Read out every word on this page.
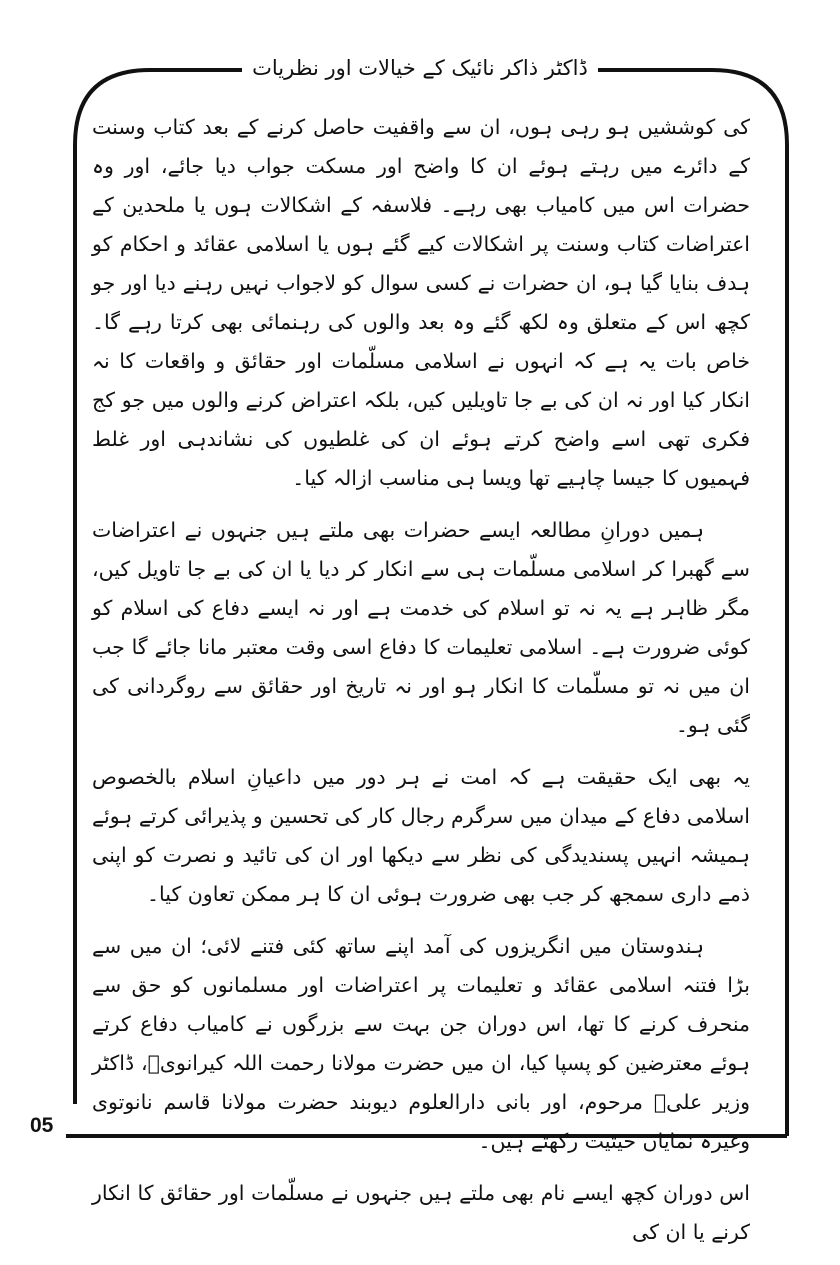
ڈاکٹر ذاکر نائیک کے خیالات اور نظریات

کی کوششیں ہو رہی ہوں، ان سے واقفیت حاصل کرنے کے بعد کتاب وسنت کے دائرے میں رہتے ہوئے ان کا واضح اور مسکت جواب دیا جائے، اور وہ حضرات اس میں کامیاب بھی رہے۔ فلاسفہ کے اشکالات ہوں یا ملحدین کے اعتراضات کتاب وسنت پر اشکالات کیے گئے ہوں یا اسلامی عقائد و احکام کو ہدف بنایا گیا ہو، ان حضرات نے کسی سوال کو لاجواب نہیں رہنے دیا اور جو کچھ اس کے متعلق وہ لکھ گئے وہ بعد والوں کی رہنمائی بھی کرتا رہے گا۔ خاص بات یہ ہے کہ انہوں نے اسلامی مسلّمات اور حقائق و واقعات کا نہ انکار کیا اور نہ ان کی بے جا تاویلیں کیں، بلکہ اعتراض کرنے والوں میں جو کج فکری تھی اسے واضح کرتے ہوئے ان کی غلطیوں کی نشاندہی اور غلط فہمیوں کا جیسا چاہیے تھا ویسا ہی مناسب ازالہ کیا۔

ہمیں دورانِ مطالعہ ایسے حضرات بھی ملتے ہیں جنہوں نے اعتراضات سے گھبرا کر اسلامی مسلّمات ہی سے انکار کر دیا یا ان کی بے جا تاویل کیں، مگر ظاہر ہے یہ نہ تو اسلام کی خدمت ہے اور نہ ایسے دفاع کی اسلام کو کوئی ضرورت ہے۔ اسلامی تعلیمات کا دفاع اسی وقت معتبر مانا جائے گا جب ان میں نہ تو مسلّمات کا انکار ہو اور نہ تاریخ اور حقائق سے روگردانی کی گئی ہو۔

یہ بھی ایک حقیقت ہے کہ امت نے ہر دور میں داعیانِ اسلام بالخصوص اسلامی دفاع کے میدان میں سرگرم رجال کار کی تحسین و پذیرائی کرتے ہوئے ہمیشہ انہیں پسندیدگی کی نظر سے دیکھا اور ان کی تائید و نصرت کو اپنی ذمے داری سمجھ کر جب بھی ضرورت ہوئی ان کا ہر ممکن تعاون کیا۔

ہندوستان میں انگریزوں کی آمد اپنے ساتھ کئی فتنے لائی؛ ان میں سے بڑا فتنہ اسلامی عقائد و تعلیمات پر اعتراضات اور مسلمانوں کو حق سے منحرف کرنے کا تھا، اس دوران جن بہت سے بزرگوں نے کامیاب دفاع کرتے ہوئے معترضین کو پسپا کیا، ان میں حضرت مولانا رحمت اللہ کیرانویؒ، ڈاکٹر وزیر علیؒ مرحوم، اور بانی دارالعلوم دیوبند حضرت مولانا قاسم نانوتوی وغیرہ نمایاں حیثیت رکھتے ہیں۔

اس دوران کچھ ایسے نام بھی ملتے ہیں جنہوں نے مسلّمات اور حقائق کا انکار کرنے یا ان کی

05
